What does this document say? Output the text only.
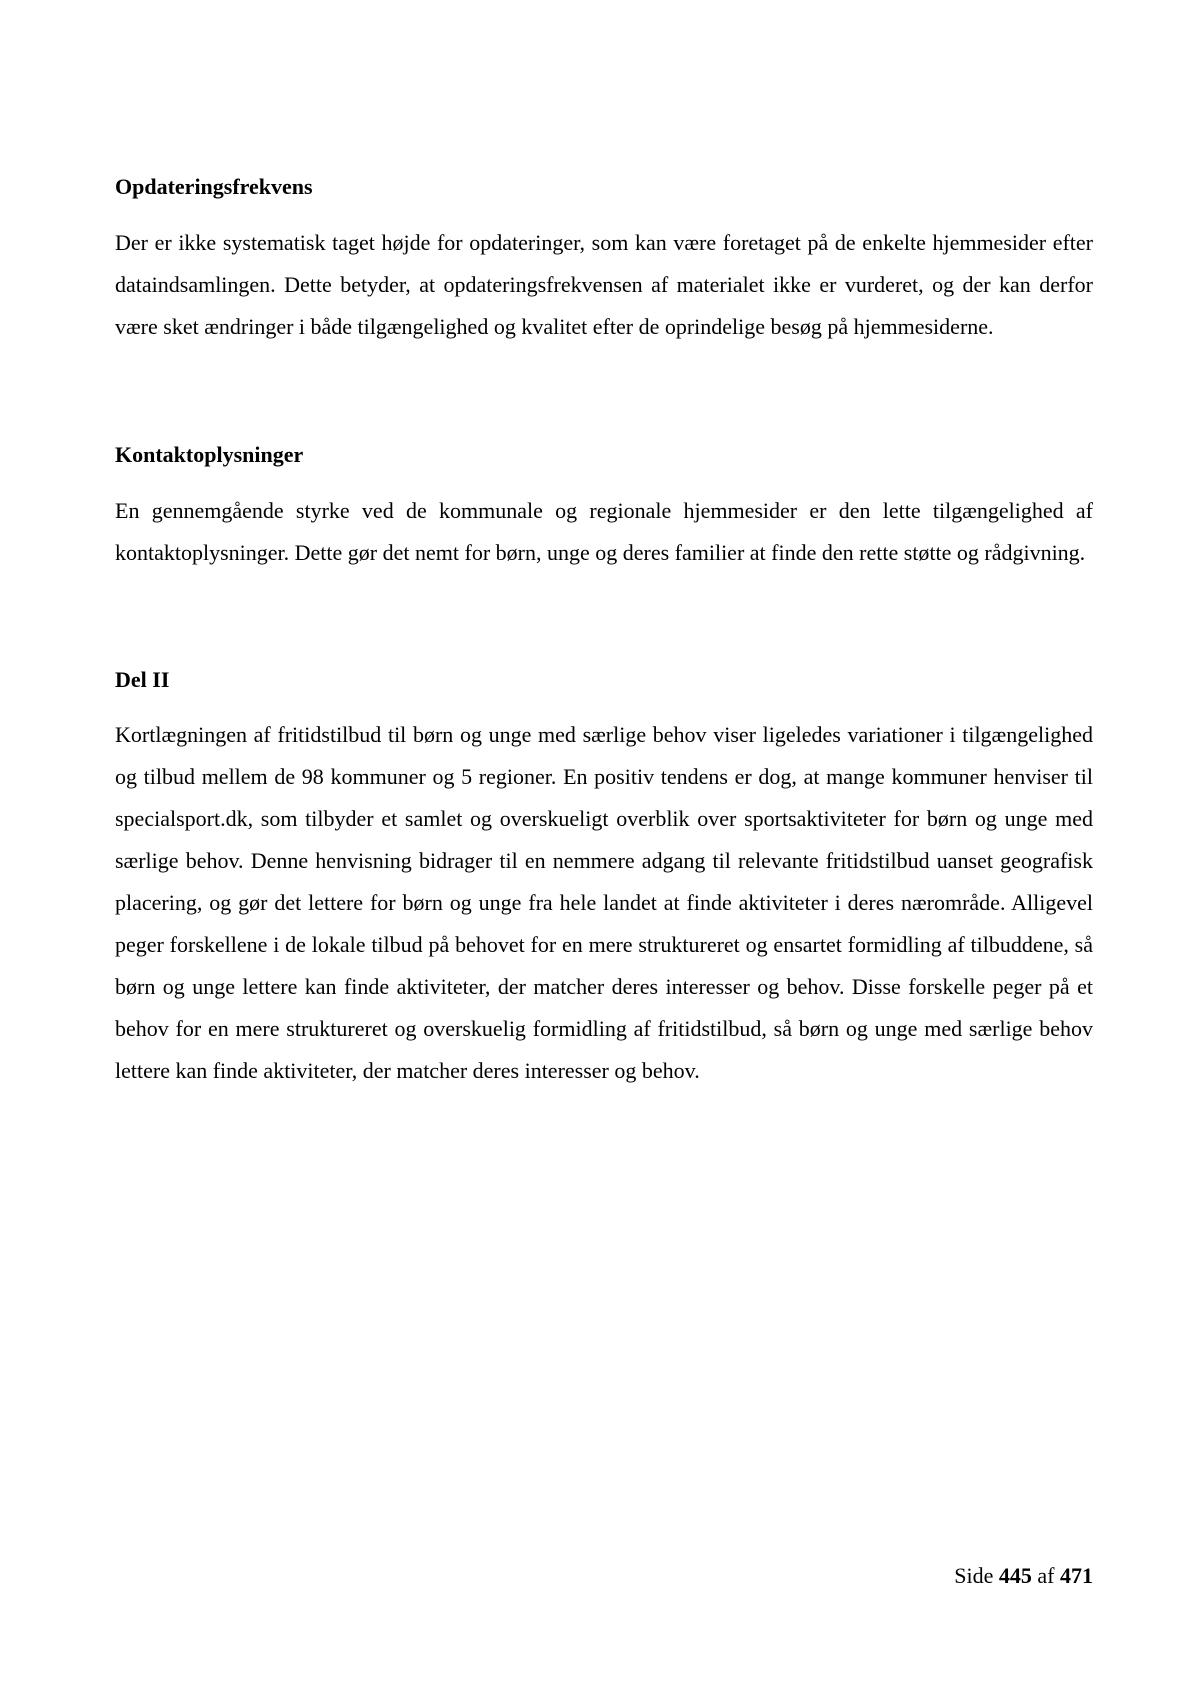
Opdateringsfrekvens

Der er ikke systematisk taget højde for opdateringer, som kan være foretaget på de enkelte hjemmesider efter dataindsamlingen. Dette betyder, at opdateringsfrekvensen af materialet ikke er vurderet, og der kan derfor være sket ændringer i både tilgængelighed og kvalitet efter de oprindelige besøg på hjemmesiderne.

Kontaktoplysninger

En gennemgående styrke ved de kommunale og regionale hjemmesider er den lette tilgængelighed af kontaktoplysninger. Dette gør det nemt for børn, unge og deres familier at finde den rette støtte og rådgivning.

Del II

Kortlægningen af fritidstilbud til børn og unge med særlige behov viser ligeledes variationer i tilgængelighed og tilbud mellem de 98 kommuner og 5 regioner. En positiv tendens er dog, at mange kommuner henviser til specialsport.dk, som tilbyder et samlet og overskueligt overblik over sportsaktiviteter for børn og unge med særlige behov. Denne henvisning bidrager til en nemmere adgang til relevante fritidstilbud uanset geografisk placering, og gør det lettere for børn og unge fra hele landet at finde aktiviteter i deres nærområde. Alligevel peger forskellene i de lokale tilbud på behovet for en mere struktureret og ensartet formidling af tilbuddene, så børn og unge lettere kan finde aktiviteter, der matcher deres interesser og behov. Disse forskelle peger på et behov for en mere struktureret og overskuelig formidling af fritidstilbud, så børn og unge med særlige behov lettere kan finde aktiviteter, der matcher deres interesser og behov.

Side 445 af 471
